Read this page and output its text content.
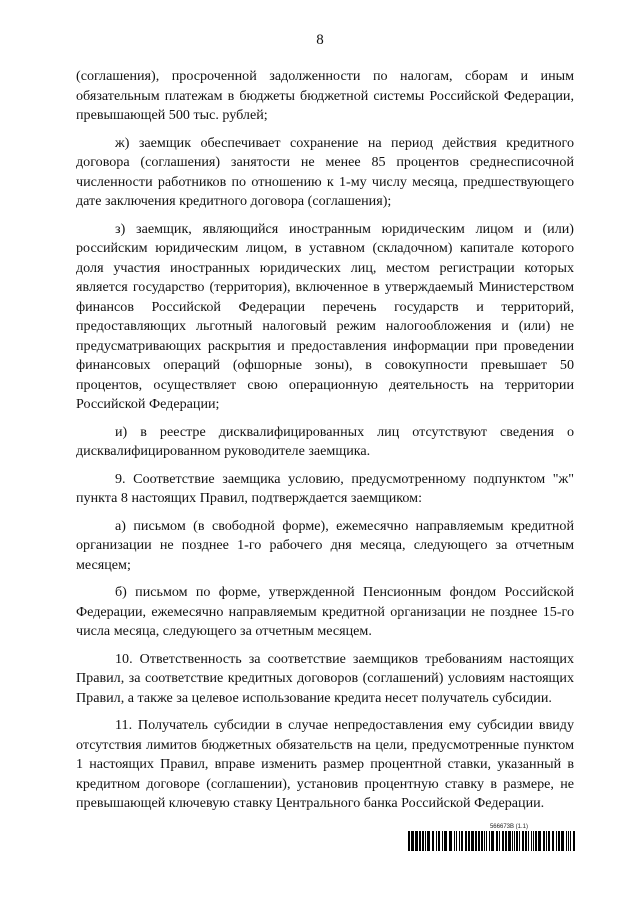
8

(соглашения), просроченной задолженности по налогам, сборам и иным обязательным платежам в бюджеты бюджетной системы Российской Федерации, превышающей 500 тыс. рублей;

ж) заемщик обеспечивает сохранение на период действия кредитного договора (соглашения) занятости не менее 85 процентов среднесписочной численности работников по отношению к 1-му числу месяца, предшествующего дате заключения кредитного договора (соглашения);

з) заемщик, являющийся иностранным юридическим лицом и (или) российским юридическим лицом, в уставном (складочном) капитале которого доля участия иностранных юридических лиц, местом регистрации которых является государство (территория), включенное в утверждаемый Министерством финансов Российской Федерации перечень государств и территорий, предоставляющих льготный налоговый режим налогообложения и (или) не предусматривающих раскрытия и предоставления информации при проведении финансовых операций (офшорные зоны), в совокупности превышает 50 процентов, осуществляет свою операционную деятельность на территории Российской Федерации;

и) в реестре дисквалифицированных лиц отсутствуют сведения о дисквалифицированном руководителе заемщика.

9. Соответствие заемщика условию, предусмотренному подпунктом "ж" пункта 8 настоящих Правил, подтверждается заемщиком:

а) письмом (в свободной форме), ежемесячно направляемым кредитной организации не позднее 1-го рабочего дня месяца, следующего за отчетным месяцем;

б) письмом по форме, утвержденной Пенсионным фондом Российской Федерации, ежемесячно направляемым кредитной организации не позднее 15-го числа месяца, следующего за отчетным месяцем.

10. Ответственность за соответствие заемщиков требованиям настоящих Правил, за соответствие кредитных договоров (соглашений) условиям настоящих Правил, а также за целевое использование кредита несет получатель субсидии.

11. Получатель субсидии в случае непредоставления ему субсидии ввиду отсутствия лимитов бюджетных обязательств на цели, предусмотренные пунктом 1 настоящих Правил, вправе изменить размер процентной ставки, указанный в кредитном договоре (соглашении), установив процентную ставку в размере, не превышающей ключевую ставку Центрального банка Российской Федерации.

566673В (1.1)
